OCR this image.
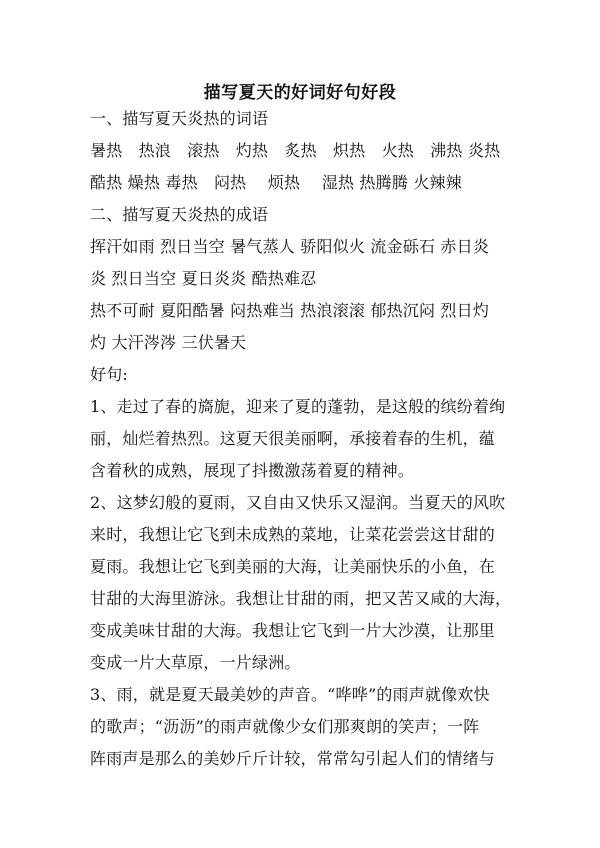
描写夏天的好词好句好段
一、描写夏天炎热的词语
暑热　热浪　滚热　灼热　炙热　炽热　火热　沸热 炎热
酷热 燥热 毒热　闷热　 烦热　 湿热 热腾腾 火辣辣
二、描写夏天炎热的成语
挥汗如雨 烈日当空 暑气蒸人 骄阳似火 流金砾石 赤日炎
炎 烈日当空 夏日炎炎 酷热难忍
热不可耐 夏阳酷暑 闷热难当 热浪滚滚 郁热沉闷 烈日灼
灼 大汗涔涔 三伏暑天
好句:
1、走过了春的旖旎，迎来了夏的蓬勃，是这般的缤纷着绚
丽，灿烂着热烈。这夏天很美丽啊，承接着春的生机，蕴
含着秋的成熟，展现了抖擞激荡着夏的精神。
2、这梦幻般的夏雨，又自由又快乐又湿润。当夏天的风吹
来时，我想让它飞到未成熟的菜地，让菜花尝尝这甘甜的
夏雨。我想让它飞到美丽的大海，让美丽快乐的小鱼，在
甘甜的大海里游泳。我想让甘甜的雨，把又苦又咸的大海，
变成美味甘甜的大海。我想让它飞到一片大沙漠，让那里
变成一片大草原，一片绿洲。
3、雨，就是夏天最美妙的声音。“哗哗”的雨声就像欢快
的歌声；“沥沥”的雨声就像少女们那爽朗的笑声；一阵
阵雨声是那么的美妙斤斤计较，常常勾引起人们的情绪与
